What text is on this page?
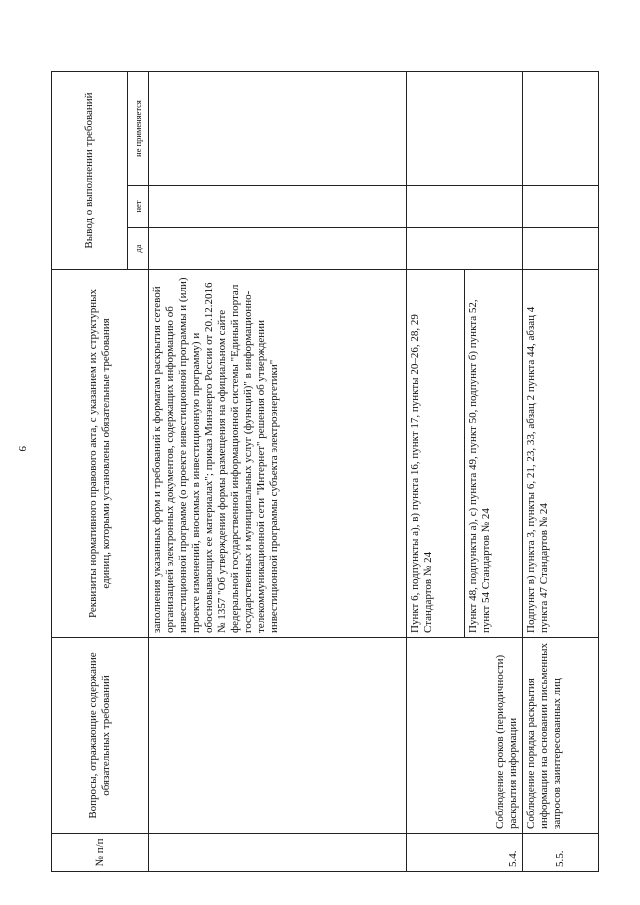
9
№ п/п	Вопросы, отражающие содержание обязательных требований	Реквизиты нормативного правового акта, с указанием их структурных единиц, которыми установлены обязательные требования	Вывод о выполнении требований		
			да	нет	не применяется
		заполнения указанных форм и требований к форматам раскрытия сетевой организацией электронных документов, содержащих информацию об инвестиционной программе (о проекте инвестиционной программы и (или) проекте изменений, вносимых в инвестиционную программу) и обосновывающих ее материалах"; приказ Минэнерго России от 20.12.2016 № 1357 "Об утверждении формы размещения на официальном сайте федеральной государственной информационной системы "Единый портал государственных и муниципальных услуг (функций)" в информационно-телекоммуникационной сети "Интернет" решения об утверждении инвестиционной программы субъекта электроэнергетики"			
5.4.	Соблюдение сроков (периодичности) раскрытия информации	Пункт 6, подпункты а), в) пункта 16, пункт 17, пункты 20–26, 28, 29 Стандартов № 24			
		Пункт 48, подпункты а), с) пункта 49, пункт 50, подпункт б) пункта 52, пункт 54 Стандартов № 24			
5.5.	Соблюдение порядка раскрытия информации на основании письменных запросов заинтересованных лиц	Подпункт в) пункта 3, пункты 6, 21, 23, 33, абзац 2 пункта 44, абзац 4 пункта 47 Стандартов № 24			
